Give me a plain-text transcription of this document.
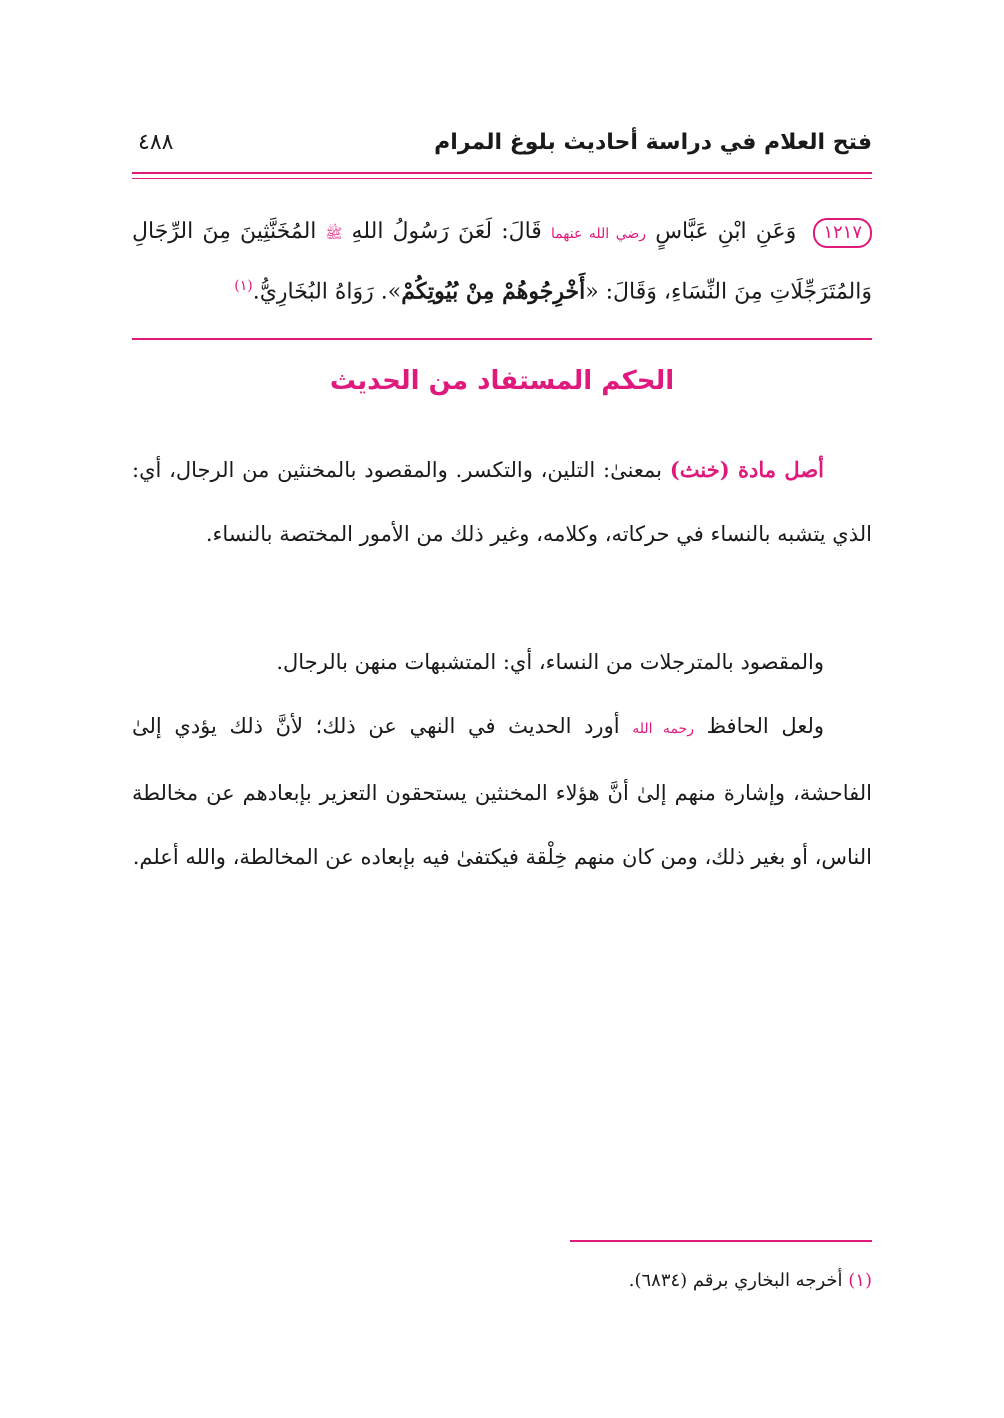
فتح العلام في دراسة أحاديث بلوغ المرام
٤٨٨
١٢١٧ وَعَنِ ابْنِ عَبَّاسٍ رضي الله عنهما قَالَ: لَعَنَ رَسُولُ اللهِ ﷺ المُخَنَّثِينَ مِنَ الرِّجَالِ وَالمُتَرَجِّلَاتِ مِنَ النِّسَاءِ، وَقَالَ: «أَخْرِجُوهُمْ مِنْ بُيُوتِكُمْ». رَوَاهُ البُخَارِيُّ.$^{(١)}$
الحكم المستفاد من الحديث
أصل مادة (خنث) بمعنىٰ: التلين، والتكسر. والمقصود بالمخنثين من الرجال، أي: الذي يتشبه بالنساء في حركاته، وكلامه، وغير ذلك من الأمور المختصة بالنساء.
والمقصود بالمترجلات من النساء، أي: المتشبهات منهن بالرجال.
ولعل الحافظ رحمه الله أورد الحديث في النهي عن ذلك؛ لأنَّ ذلك يؤدي إلىٰ الفاحشة، وإشارة منهم إلىٰ أنَّ هؤلاء المخنثين يستحقون التعزير بإبعادهم عن مخالطة الناس، أو بغير ذلك، ومن كان منهم خِلْقة فيكتفىٰ فيه بإبعاده عن المخالطة، والله أعلم.
(١) أخرجه البخاري برقم (٦٨٣٤).
